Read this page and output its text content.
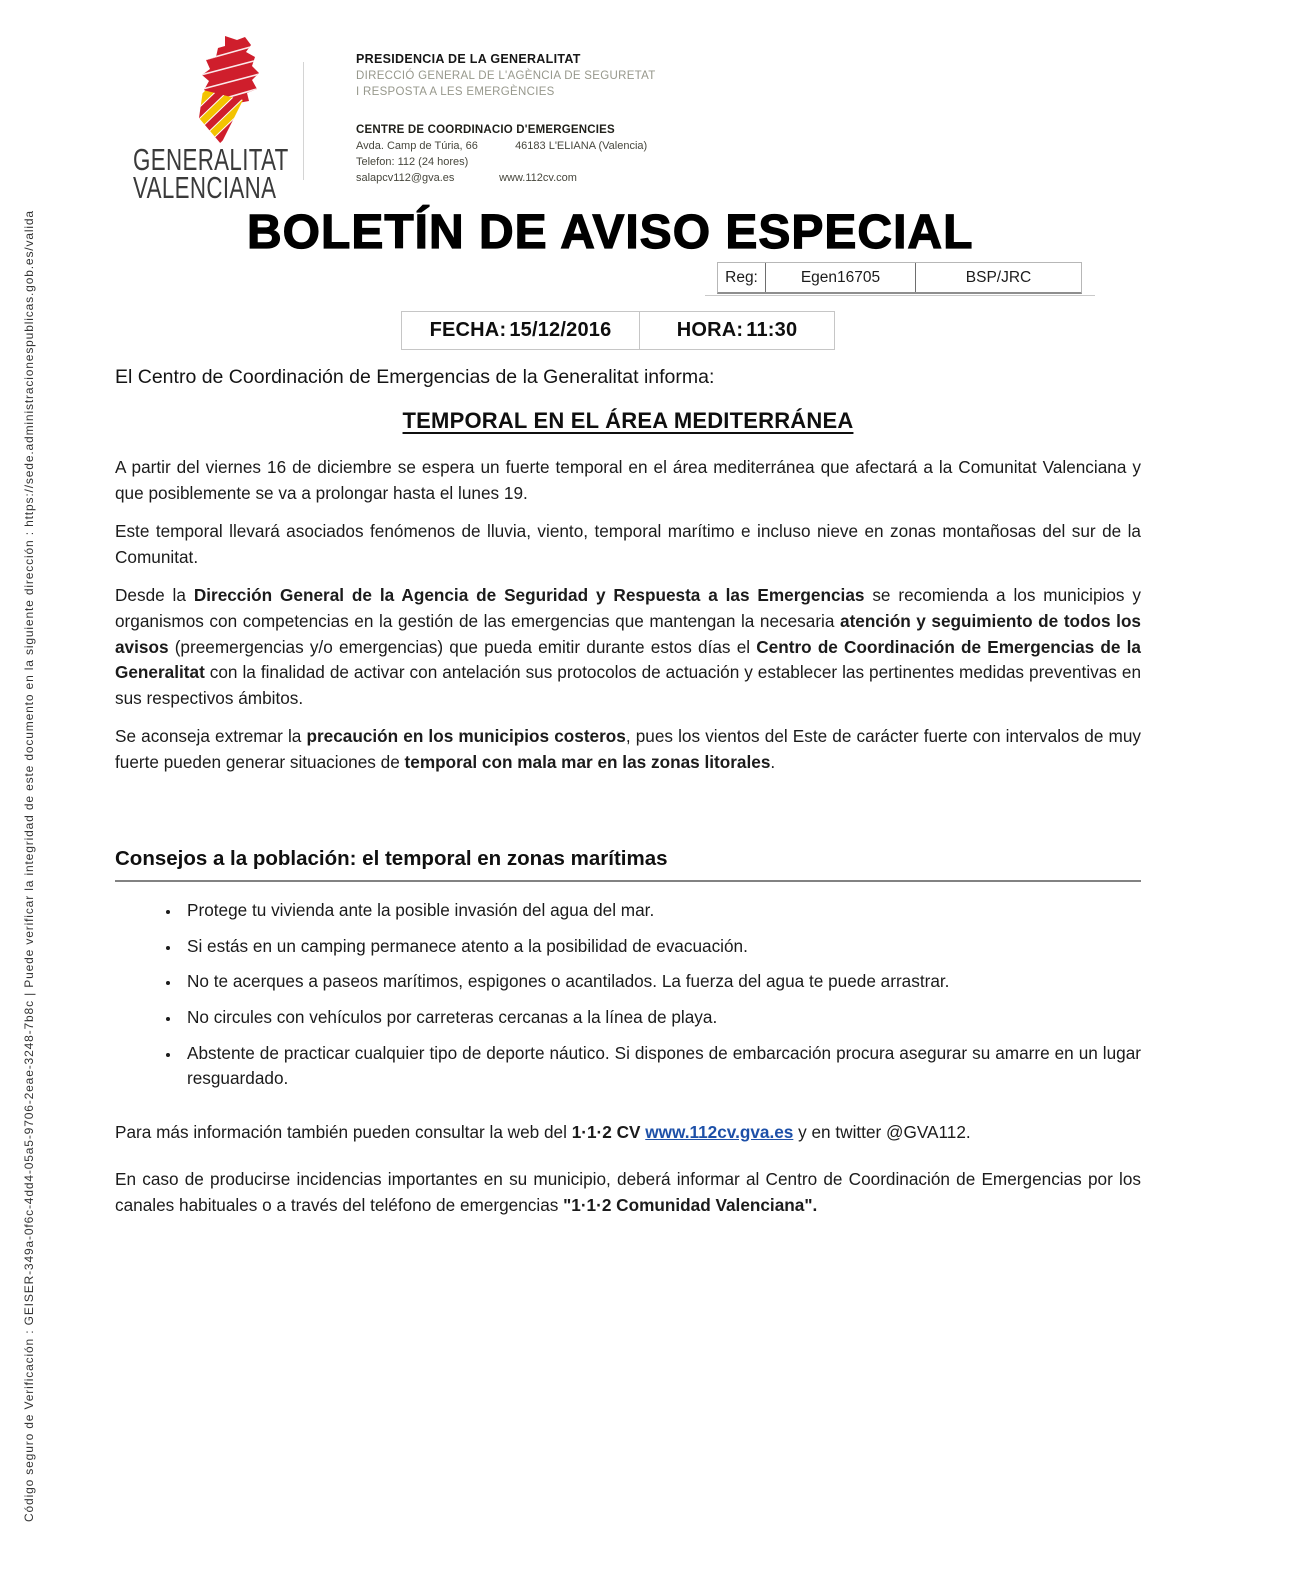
Código seguro de Verificación : GEISER-349a-0f6c-4dd4-05a5-9706-2eae-3248-7b8c | Puede verificar la integridad de este documento en la siguiente dirección : https://sede.administracionespublicas.gob.es/valida
GENERALITAT
VALENCIANA
PRESIDENCIA DE LA GENERALITAT
DIRECCIÓ GENERAL DE L'AGÈNCIA DE SEGURETAT
I RESPOSTA A LES EMERGÈNCIES
CENTRE DE COORDINACIO D'EMERGENCIES
Avda. Camp de Túria, 66	46183 L'ELIANA (Valencia)
Telefon: 112 (24 hores)
salapcv112@gva.es	www.112cv.com
BOLETÍN DE AVISO ESPECIAL
Reg:	Egen16705	BSP/JRC
FECHA: 15/12/2016	HORA: 11:30
El Centro de Coordinación de Emergencias de la Generalitat informa:
TEMPORAL EN EL ÁREA MEDITERRÁNEA

A partir del viernes 16 de diciembre se espera un fuerte temporal en el área mediterránea que afectará a la Comunitat Valenciana y que posiblemente se va a prolongar hasta el lunes 19.

Este temporal llevará asociados fenómenos de lluvia, viento, temporal marítimo e incluso nieve en zonas montañosas del sur de la Comunitat.

Desde la Dirección General de la Agencia de Seguridad y Respuesta a las Emergencias se recomienda a los municipios y organismos con competencias en la gestión de las emergencias que mantengan la necesaria atención y seguimiento de todos los avisos (preemergencias y/o emergencias) que pueda emitir durante estos días el Centro de Coordinación de Emergencias de la Generalitat con la finalidad de activar con antelación sus protocolos de actuación y establecer las pertinentes medidas preventivas en sus respectivos ámbitos.

Se aconseja extremar la precaución en los municipios costeros, pues los vientos del Este de carácter fuerte con intervalos de muy fuerte pueden generar situaciones de temporal con mala mar en las zonas litorales.

Consejos a la población: el temporal en zonas marítimas
• Protege tu vivienda ante la posible invasión del agua del mar.
• Si estás en un camping permanece atento a la posibilidad de evacuación.
• No te acerques a paseos marítimos, espigones o acantilados. La fuerza del agua te puede arrastrar.
• No circules con vehículos por carreteras cercanas a la línea de playa.
• Abstente de practicar cualquier tipo de deporte náutico. Si dispones de embarcación procura asegurar su amarre en un lugar resguardado.

Para más información también pueden consultar la web del 1·1·2 CV www.112cv.gva.es y en twitter @GVA112.

En caso de producirse incidencias importantes en su municipio, deberá informar al Centro de Coordinación de Emergencias por los canales habituales o a través del teléfono de emergencias "1·1·2 Comunidad Valenciana".
